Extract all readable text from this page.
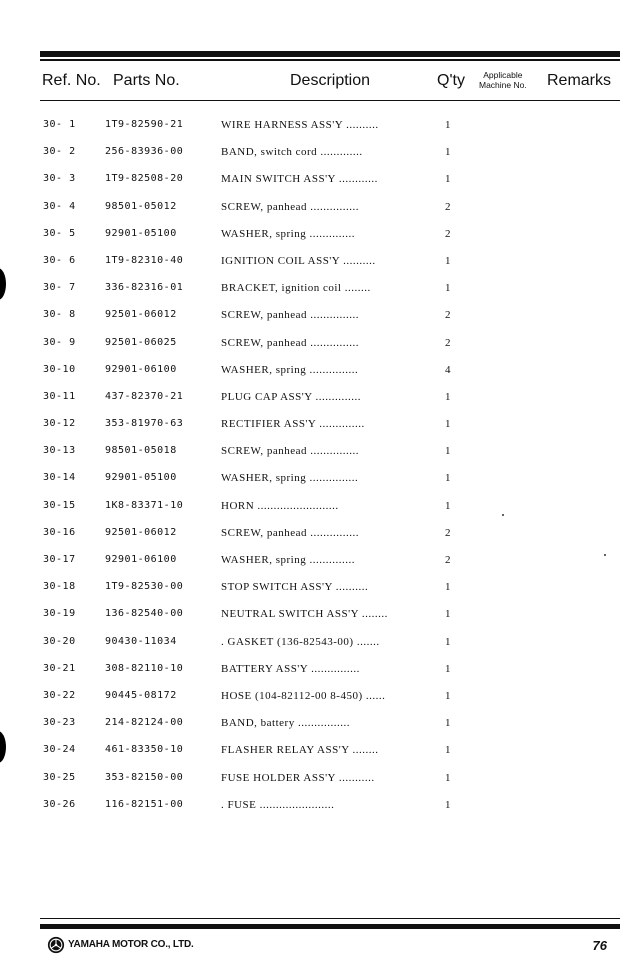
Ref. No. Parts No.	Description	Q'ty	Applicable
Machine No. Remarks
30- 1	1T9-82590-21	WIRE HARNESS ASS'Y ..........	1
30- 2	256-83936-00	BAND, switch cord .............	1
30- 3	1T9-82508-20	MAIN SWITCH ASS'Y ............	1
30- 4	98501-05012	SCREW, panhead ...............	2
30- 5	92901-05100	WASHER, spring ..............	2
30- 6	1T9-82310-40	IGNITION COIL ASS'Y ..........	1
30- 7	336-82316-01	BRACKET, ignition coil ........	1
30- 8	92501-06012	SCREW, panhead ...............	2
30- 9	92501-06025	SCREW, panhead ...............	2
30-10	92901-06100	WASHER, spring ...............	4
30-11	437-82370-21	PLUG CAP ASS'Y ..............	1
30-12	353-81970-63	RECTIFIER ASS'Y ..............	1
30-13	98501-05018	SCREW, panhead ...............	1
30-14	92901-05100	WASHER, spring ...............	1
30-15	1K8-83371-10	HORN .........................	1
30-16	92501-06012	SCREW, panhead ...............	2
30-17	92901-06100	WASHER, spring ..............	2
30-18	1T9-82530-00	STOP SWITCH ASS'Y ..........	1
30-19	136-82540-00	NEUTRAL SWITCH ASS'Y ........	1
30-20	90430-11034	. GASKET (136-82543-00) .......	1
30-21	308-82110-10	BATTERY ASS'Y ...............	1
30-22	90445-08172	HOSE (104-82112-00 8-450) ......	1
30-23	214-82124-00	BAND, battery ................	1
30-24	461-83350-10	FLASHER RELAY ASS'Y ........	1
30-25	353-82150-00	FUSE HOLDER ASS'Y ...........	1
30-26	116-82151-00	. FUSE .......................	1
YAMAHA MOTOR CO., LTD.	76
